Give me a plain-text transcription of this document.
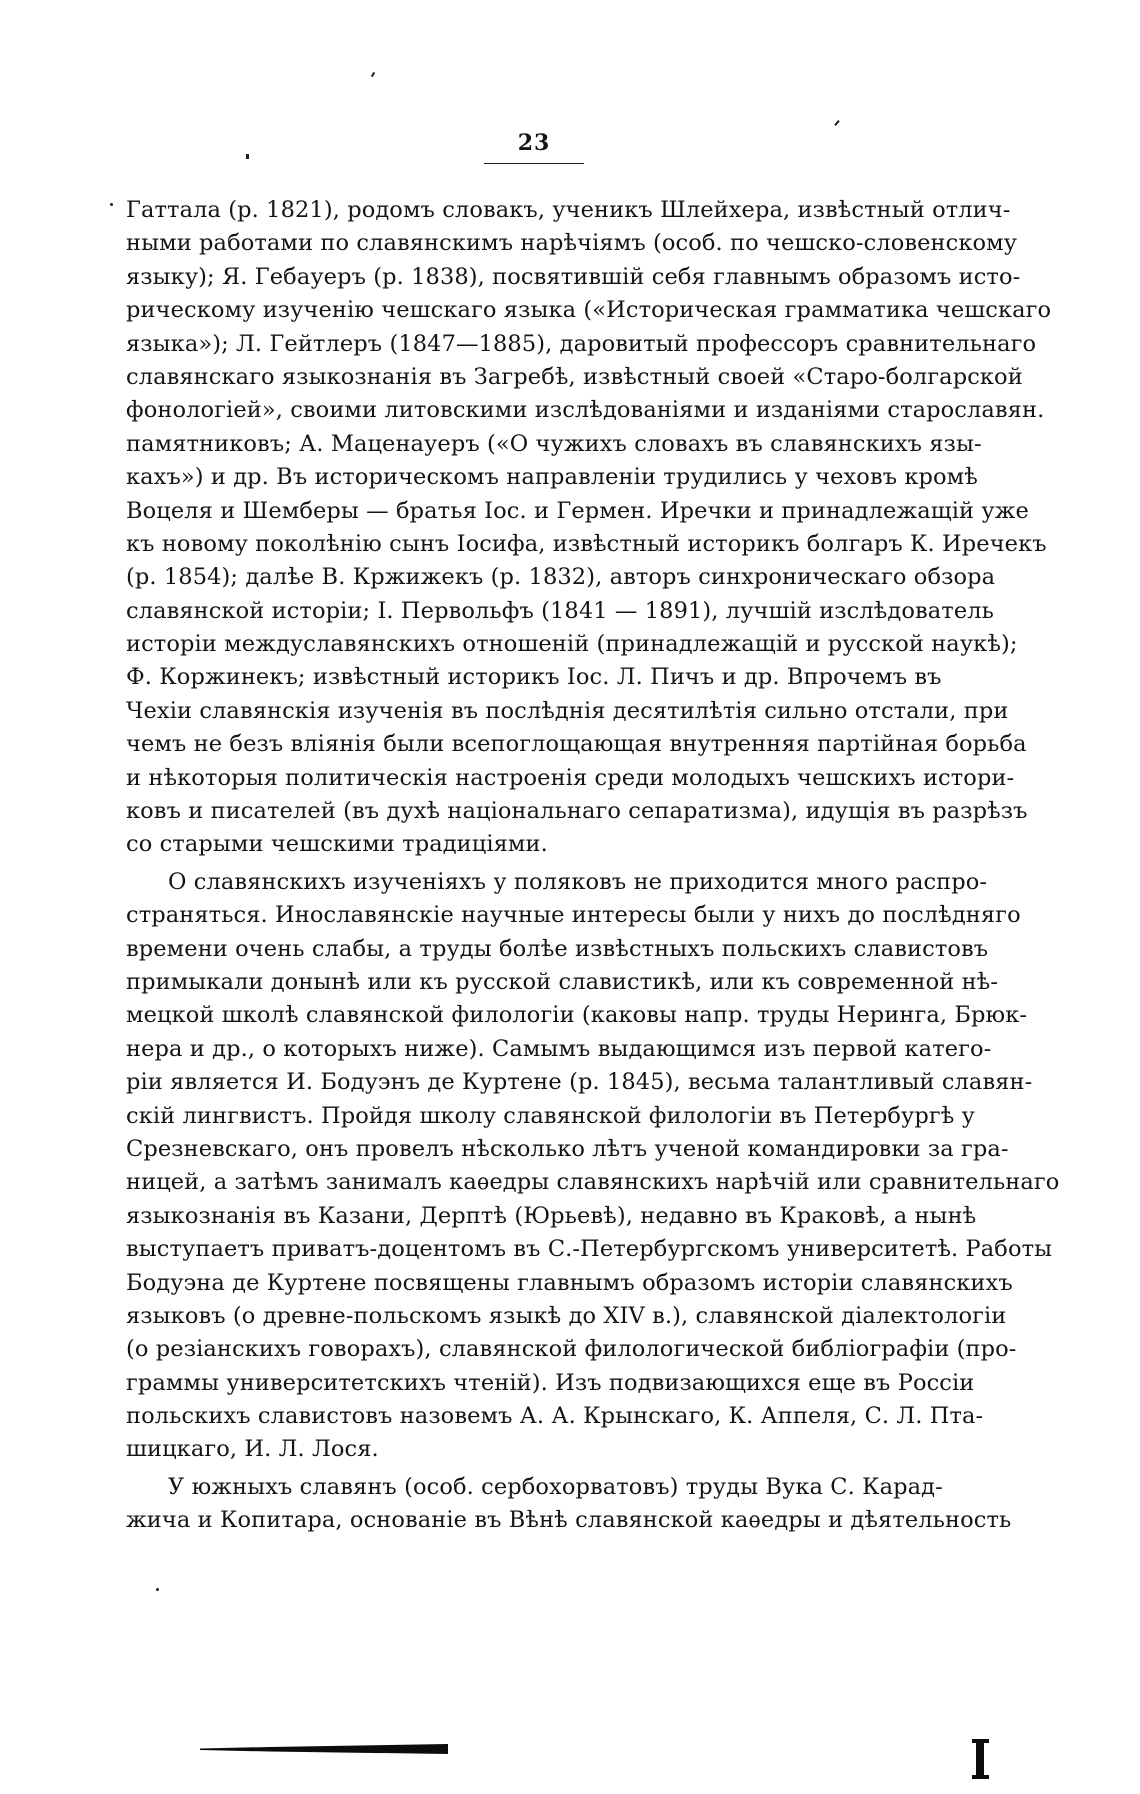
23
Гаттала (р. 1821), родомъ словакъ, ученикъ Шлейхера, извѣстный отлич-
ными работами по славянскимъ нарѣчіямъ (особ. по чешско-словенскому
языку); Я. Гебауеръ (р. 1838), посвятившій себя главнымъ образомъ исто-
рическому изученію чешскаго языка («Историческая грамматика чешскаго
языка»); Л. Гейтлеръ (1847—1885), даровитый профессоръ сравнительнаго
славянскаго языкознанія въ Загребѣ, извѣстный своей «Старо-болгарской
фонологіей», своими литовскими изслѣдованіями и изданіями старославян.
памятниковъ; А. Маценауеръ («О чужихъ словахъ въ славянскихъ язы-
кахъ») и др. Въ историческомъ направленіи трудились у чеховъ кромѣ
Воцеля и Шемберы — братья Іос. и Гермен. Иречки и принадлежащій уже
къ новому поколѣнію сынъ Іосифа, извѣстный историкъ болгаръ К. Иречекъ
(р. 1854); далѣе В. Кржижекъ (р. 1832), авторъ синхроническаго обзора
славянской исторіи; І. Первольфъ (1841 — 1891), лучшій изслѣдователь
исторіи междуславянскихъ отношеній (принадлежащій и русской наукѣ);
Ф. Коржинекъ; извѣстный историкъ Іос. Л. Пичъ и др. Впрочемъ въ
Чехіи славянскія изученія въ послѣднія десятилѣтія сильно отстали, при
чемъ не безъ вліянія были всепоглощающая внутренняя партійная борьба
и нѣкоторыя политическія настроенія среди молодыхъ чешскихъ истори-
ковъ и писателей (въ духѣ національнаго сепаратизма), идущія въ разрѣзъ
со старыми чешскими традиціями.
О славянскихъ изученіяхъ у поляковъ не приходится много распро-
страняться. Инославянскіе научные интересы были у нихъ до послѣдняго
времени очень слабы, а труды болѣе извѣстныхъ польскихъ славистовъ
примыкали донынѣ или къ русской славистикѣ, или къ современной нѣ-
мецкой школѣ славянской филологіи (каковы напр. труды Неринга, Брюк-
нера и др., о которыхъ ниже). Самымъ выдающимся изъ первой катего-
ріи является И. Бодуэнъ де Куртене (р. 1845), весьма талантливый славян-
скій лингвистъ. Пройдя школу славянской филологіи въ Петербургѣ у
Срезневскаго, онъ провелъ нѣсколько лѣтъ ученой командировки за гра-
ницей, а затѣмъ занималъ каѳедры славянскихъ нарѣчій или сравнительнаго
языкознанія въ Казани, Дерптѣ (Юрьевѣ), недавно въ Краковѣ, а нынѣ
выступаетъ приватъ-доцентомъ въ С.-Петербургскомъ университетѣ. Работы
Бодуэна де Куртене посвящены главнымъ образомъ исторіи славянскихъ
языковъ (о древне-польскомъ языкѣ до XIV в.), славянской діалектологіи
(о резіанскихъ говорахъ), славянской филологической библіографіи (про-
граммы университетскихъ чтеній). Изъ подвизающихся еще въ Россіи
польскихъ славистовъ назовемъ А. А. Крынскаго, К. Аппеля, С. Л. Пта-
шицкаго, И. Л. Лося.
У южныхъ славянъ (особ. сербохорватовъ) труды Вука С. Карад-
жича и Копитара, основаніе въ Вѣнѣ славянской каѳедры и дѣятельность
